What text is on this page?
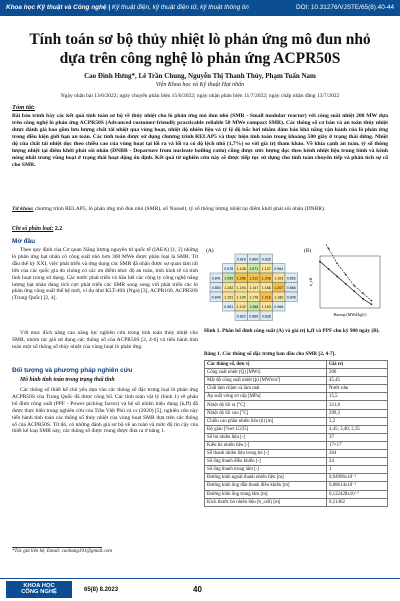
Khoa học Kỹ thuật và Công nghệ | Kỹ thuật điện, kỹ thuật điện tử, kỹ thuật thông tin	DOI: 10.31276/VJSTE/65(8).40-44
Tính toán sơ bộ thủy nhiệt lò phản ứng mô đun nhỏ dựa trên công nghệ lò phản ứng ACPR50S
Cao Đình Hưng*, Lê Trần Chung, Nguyễn Thị Thanh Thủy, Phạm Tuấn Nam
Viện Khoa học và Kỹ thuật Hạt nhân
Ngày nhận bài 13/6/2022; ngày chuyển phản biện 15/6/2022; ngày nhận phản biện 11/7/2022; ngày chấp nhận đăng 13/7/2022
Tóm tắt:
Bài báo trình bày các kết quả tính toán sơ bộ về thủy nhiệt cho lò phản ứng mô đun nhỏ (SMR - Small modular reactor) với công suất nhiệt 200 MW dựa trên công nghệ lò phản ứng ACPR50S (Advanced customer-friendly practicable reliable 50 MWe compact SMR). Các thông số cơ bản và an toàn thủy nhiệt được đánh giá bao gồm lưu lượng chất tải nhiệt qua vùng hoạt, nhiệt độ nhiên liệu và tỷ lệ độ bốc hơi nhằm đảm bảo khả năng vận hành của lò phản ứng trong điều kiện giới hạn an toàn. Các tính toán được sử dụng chương trình RELAP5 và thực hiện tính toán trong khoảng 500 giây ở trạng thái dừng. Nhiệt độ của chất tải nhiệt đọc theo chiều cao của vùng hoạt tại lối ra và lối ra có độ lệch nhỏ (1,7%) so với giá trị tham khảo. Về khía cạnh an toàn, tỷ số thông lượng nhiệt tại điểm khởi phát sôi nhân (DNBR - Departure from nucleate boiling ratio) cũng được ước lượng dọc theo kênh nhiệt liệu trung bình và kênh nóng nhất trong vùng hoạt ở trạng thái hoạt động ổn định. Kết quả từ nghiên cứu này sẽ được tiếp tục sử dụng cho tính toán chuyển tiếp và phân tích sự cố cho SMR.
Từ khóa: chương trình RELAP5, lò phản ứng mô đun nhỏ (SMR), số Nusselt, tỷ số thông lượng nhiệt tại điểm khởi phát sôi nhân (DNBR).
Chỉ số phân loại: 2.2
Mở đầu
Theo quy định của Cơ quan Năng lượng nguyên tử quốc tế (IAEA) [1, 2] những lò phản ứng hạt nhân có công suất nhỏ hơn 300 MWe được phân loại là SMR. Từ đầu thế kỷ XXI, việc phát triển và ứng dụng các SMR đã nhận được sự quan tâm rất lớn của các quốc gia do chúng có các ưu điểm như: độ an toàn, tính kinh tế và tính linh hoạt trong sử dụng. Các nước phát triển và hầu hết các công ty công nghệ năng lượng hạt nhân đang tích cực phát triển các SMR song song với phát triển các lò phản ứng công suất thế hệ mới, ví dụ như KLT-40S (Nga) [3], ACPR100, ACPR50S (Trung Quốc) [2, 4].
Với mục đích nâng cao năng lực nghiên cứu trong tính toán thủy nhiệt cho SMR, nhóm tác giả sử dụng các thông số của ACPR50S [2, 4-6] và tiến hành tính toán một số thông số thủy nhiệt của vùng hoạt lò phản ứng.
Đối tượng và phương pháp nghiên cứu
Mô hình tính toán trong trạng thái tĩnh
Các thông số thiết kế chủ yếu dựa vào các thông số đặc trưng loại lò phản ứng ACPR50S của Trung Quốc đã được công bố. Các tính toán vật lý (hình 1) về phân bố đỉnh công suất (PPF - Power picking factor) và hệ số nhiên hiệu dụng (kₑff) đã được thực hiện trong nghiên cứu của Trần Việt Phú và cs (2020) [5], nghiên cứu này tiến hành tính toán các thông số thủy nhiệt của vùng hoạt SMR dựa trên các thông số của ACPR50S. Từ đó, có những đánh giá sơ bộ về an toàn và mức độ tin cậy của thiết kế loại SMR này, các thông số được trung được đưa ra ở bảng 1.
*Tác giả liên hệ. Email: caohung191@gmail.com
(A)	(B)
0.818 0.860 0.835
0.978 1.145 1.071 1.137 0.964
0.841 1.065 1.256 1.212 1.208 1.103 0.852
0.854 1.192 1.194 1.147 1.186 1.207 0.866
0.840 1.151 1.190 1.178 1.218 1.180 0.845
0.981 1.132 1.088 1.153 0.966
0.822 0.866 0.838
k_eff
Burnup (MWd/kgU)
Hình 1. Phân bố đỉnh công suất (A) và giá trị kₑff và PPF chu kỳ 900 ngày (B).
Bảng 1. Các thông số đặc trưng ban đầu cho SMR [2, 4-7].
Các thông số, đơn vị	Giá trị
Công suất nhiệt (Q) [MWt]	200
Mật độ công suất nhiệt (ṗ) [MWt/m³]	45,45
Chất làm chậm và làm mát	Nước nhẹ
Áp suất vòng sơ cấp [MPa]	15,5
Nhiệt độ lối ra [°C]	321,8
Nhiệt độ lối vào [°C]	299,3
Chiều cao phần nhiên liệu (h) [m]	2,2
Độ giàu [%wt U235]	4,45; 3,40; 2,35
Số bó nhiên liệu [-]	37
Kiểu bó nhiên liệu [-]	17×17
Số thanh nhiên liệu trong bó [-]	264
Số ống thanh điều khiển [-]	24
Số ống thanh trung tâm [-]	1
Đường kính ngoài thanh nhiên liệu [m]	0,94996x10⁻²
Đường kính ống dẫn thanh điều khiển [m]	0,88614x10⁻²
Đường kính ống trung tâm [m]	0,122428x10⁻²
Kích thước bó nhiên liệu (b_cell) [m]	0,21402
KHOA HỌC
CÔNG NGHỆ	65(8) 8.2023	40
